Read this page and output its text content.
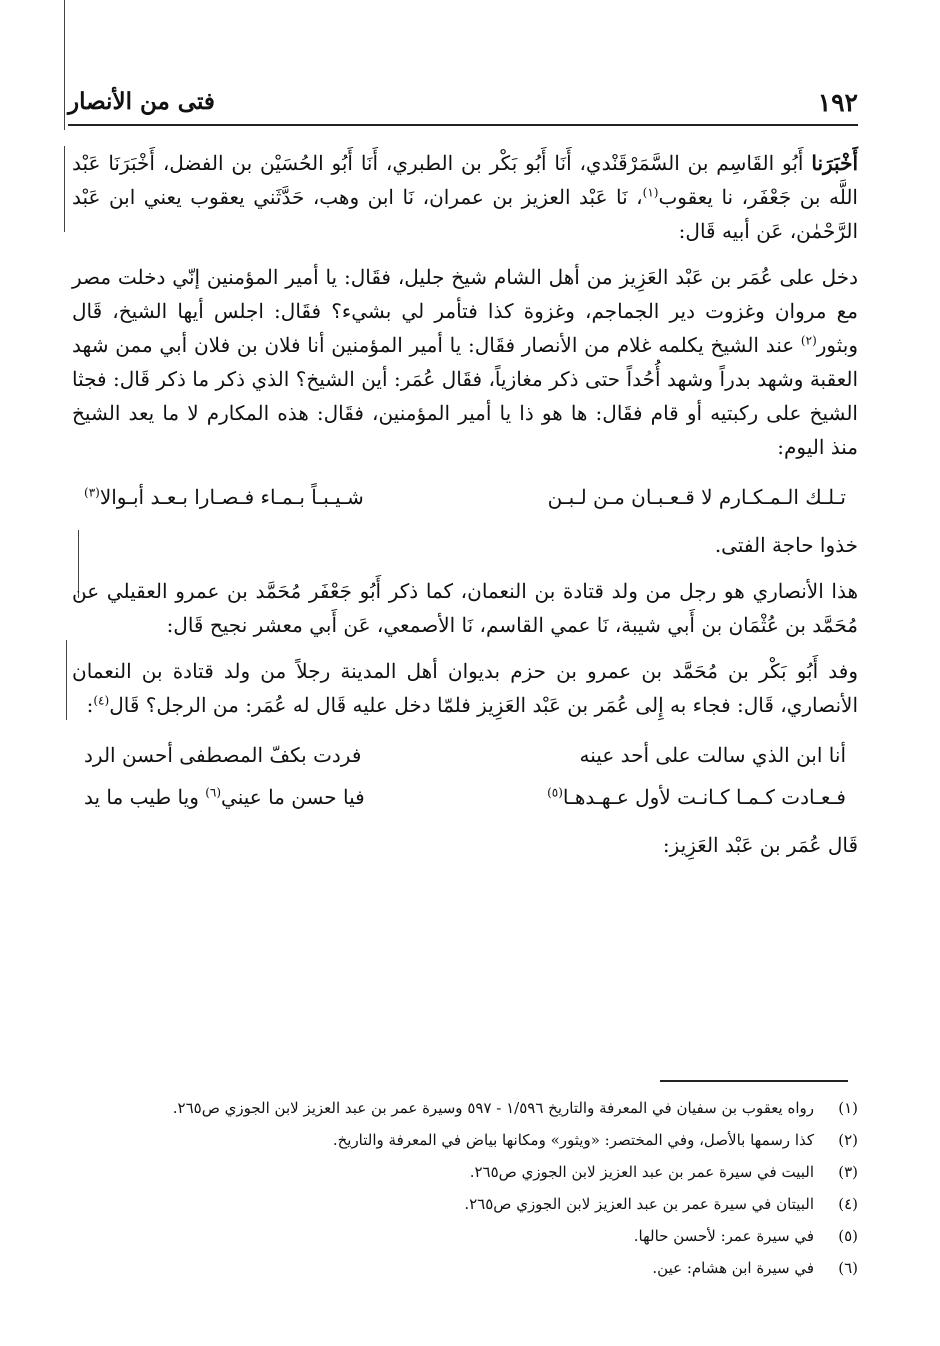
١٩٢
فتى من الأنصار

أَخْبَرَنا أَبُو القَاسِم بن السَّمَرْقَنْدي، أَنَا أَبُو بَكْر بن الطبري، أَنَا أَبُو الحُسَيْن بن الفضل، أَخْبَرَنَا عَبْد اللَّه بن جَعْفَر، نا يعقوب$^{(١)}$، نَا عَبْد العزيز بن عمران، نَا ابن وهب، حَدَّثَني يعقوب يعني ابن عَبْد الرَّحْمٰن، عَن أبيه قَال:

دخل على عُمَر بن عَبْد العَزِيز من أهل الشام شيخ جليل، فقَال: يا أمير المؤمنين إنّي دخلت مصر مع مروان وغزوت دير الجماجم، وغزوة كذا فتأمر لي بشيء؟ فقَال: اجلس أيها الشيخ، قَال وبثور$^{(٢)}$ عند الشيخ يكلمه غلام من الأنصار فقَال: يا أمير المؤمنين أنا فلان بن فلان أبي ممن شهد العقبة وشهد بدراً وشهد أُحُداً حتى ذكر مغازياً، فقَال عُمَر: أين الشيخ؟ الذي ذكر ما ذكر قَال: فجثا الشيخ على ركبتيه أو قام فقَال: ها هو ذا يا أمير المؤمنين، فقَال: هذه المكارم لا ما يعد الشيخ منذ اليوم:

تـلـك الـمـكـارم لا قـعـبـان مـن لـبـن
شـيـبـاً بـمـاء فـصـارا بـعـد أبـوالا$^{(٣)}$

خذوا حاجة الفتى.

هذا الأنصاري هو رجل من ولد قتادة بن النعمان، كما ذكر أَبُو جَعْفَر مُحَمَّد بن عمرو العقيلي عن مُحَمَّد بن عُثْمَان بن أَبي شيبة، نَا عمي القاسم، نَا الأصمعي، عَن أَبي معشر نجيح قَال:

وفد أَبُو بَكْر بن مُحَمَّد بن عمرو بن حزم بديوان أهل المدينة رجلاً من ولد قتادة بن النعمان الأنصاري، قَال: فجاء به إِلى عُمَر بن عَبْد العَزِيز فلمّا دخل عليه قَال له عُمَر: من الرجل؟ قَال$^{(٤)}$:

أنا ابن الذي سالت على أحد عينه
فردت بكفّ المصطفى أحسن الرد
فـعـادت كـمـا كـانـت لأول عـهـدهـا$^{(٥)}$
فيا حسن ما عيني$^{(٦)}$ ويا طيب ما يد

قَال عُمَر بن عَبْد العَزِيز:

(١)
رواه يعقوب بن سفيان في المعرفة والتاريخ ١/٥٩٦ - ٥٩٧ وسيرة عمر بن عبد العزيز لابن الجوزي ص٢٦٥.
(٢)
كذا رسمها بالأصل، وفي المختصر: «ويثور» ومكانها بياض في المعرفة والتاريخ.
(٣)
البيت في سيرة عمر بن عبد العزيز لابن الجوزي ص٢٦٥.
(٤)
البيتان في سيرة عمر بن عبد العزيز لابن الجوزي ص٢٦٥.
(٥)
في سيرة عمر: لأحسن حالها.
(٦)
في سيرة ابن هشام: عين.
